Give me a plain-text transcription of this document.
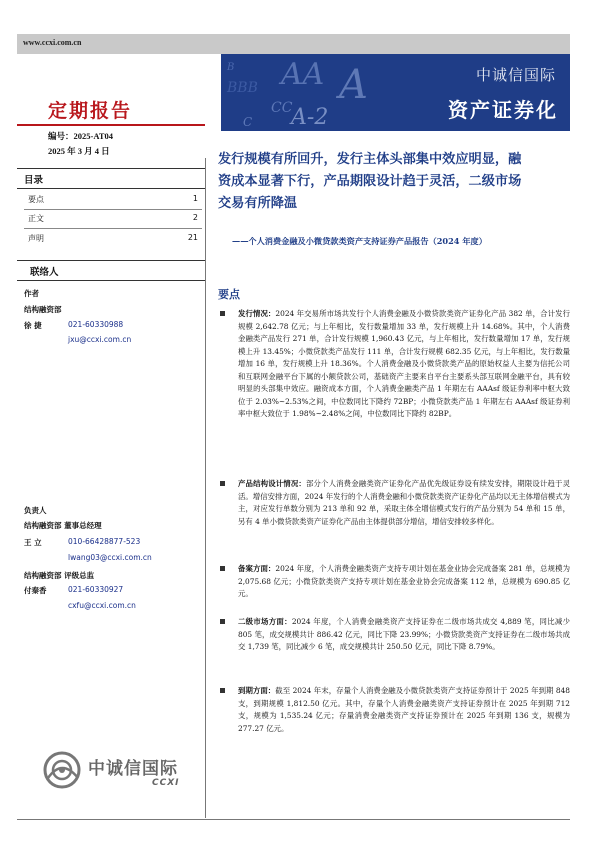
www.ccxi.com.cn
BBB AA A
CC
A-2
B
C
中诚信国际
资产证券化
定期报告
编号：2025-AT04
2025 年 3 月 4 日
目录
要点	1
正文	2
声明	21
联络人
作者
结构融资部
徐 捷	021-60330988
jxu@ccxi.com.cn
负责人
结构融资部 董事总经理
王 立	010-66428877-523
lwang03@ccxi.com.cn
结构融资部 评级总监
付秦香	021-60330927
cxfu@ccxi.com.cn
发行规模有所回升，发行主体头部集中效应明显，融
资成本显著下行，产品期限设计趋于灵活，二级市场
交易有所降温
——个人消费金融及小微贷款类资产支持证券产品报告（2024 年度）
要点
发行情况：2024 年交易所市场共发行个人消费金融及小微贷款类资产证券化产品 382 单，合计发行规模 2,642.78 亿元；与上年相比，发行数量增加 33 单，发行规模上升 14.68%。其中，个人消费金融类产品发行 271 单，合计发行规模 1,960.43 亿元，与上年相比，发行数量增加 17 单，发行规模上升 13.45%；小微贷款类产品发行 111 单，合计发行规模 682.35 亿元，与上年相比，发行数量增加 16 单，发行规模上升 18.36%。个人消费金融及小微贷款类产品的原始权益人主要为信托公司和互联网金融平台下属的小额贷款公司，基础资产主要来自平台主要系头部互联网金融平台，具有较明显的头部集中效应。融资成本方面，个人消费金融类产品 1 年期左右 AAAsf 级证券利率中枢大致位于 2.03%~2.53%之间，中位数同比下降约 72BP；小微贷款类产品 1 年期左右 AAAsf 级证券利率中枢大致位于 1.98%~2.48%之间，中位数同比下降约 82BP。
产品结构设计情况：部分个人消费金融类资产证券化产品优先级证券设有续发安排，期限设计趋于灵活。增信安排方面，2024 年发行的个人消费金融和小微贷款类资产证券化产品均以无主体增信模式为主，对应发行单数分别为 213 单和 92 单，采取主体全增信模式发行的产品分别为 54 单和 15 单，另有 4 单小微贷款类资产证券化产品由主体提供部分增信，增信安排较多样化。
备案方面：2024 年度，个人消费金融类资产支持专项计划在基金业协会完成备案 281 单，总规模为 2,075.68 亿元；小微贷款类资产支持专项计划在基金业协会完成备案 112 单，总规模为 690.85 亿元。
二级市场方面：2024 年度，个人消费金融类资产支持证券在二级市场共成交 4,889 笔，同比减少 805 笔，成交规模共计 886.42 亿元，同比下降 23.99%；小微贷款类资产支持证券在二级市场共成交 1,739 笔，同比减少 6 笔，成交规模共计 250.50 亿元，同比下降 8.79%。
到期方面：截至 2024 年末，存量个人消费金融及小微贷款类资产支持证券预计于 2025 年到期 848 支，到期规模 1,812.50 亿元。其中，存量个人消费金融类资产支持证券预计在 2025 年到期 712 支，规模为 1,535.24 亿元；存量消费金融类资产支持证券预计在 2025 年到期 136 支，规模为 277.27 亿元。
中诚信国际
CCXI
